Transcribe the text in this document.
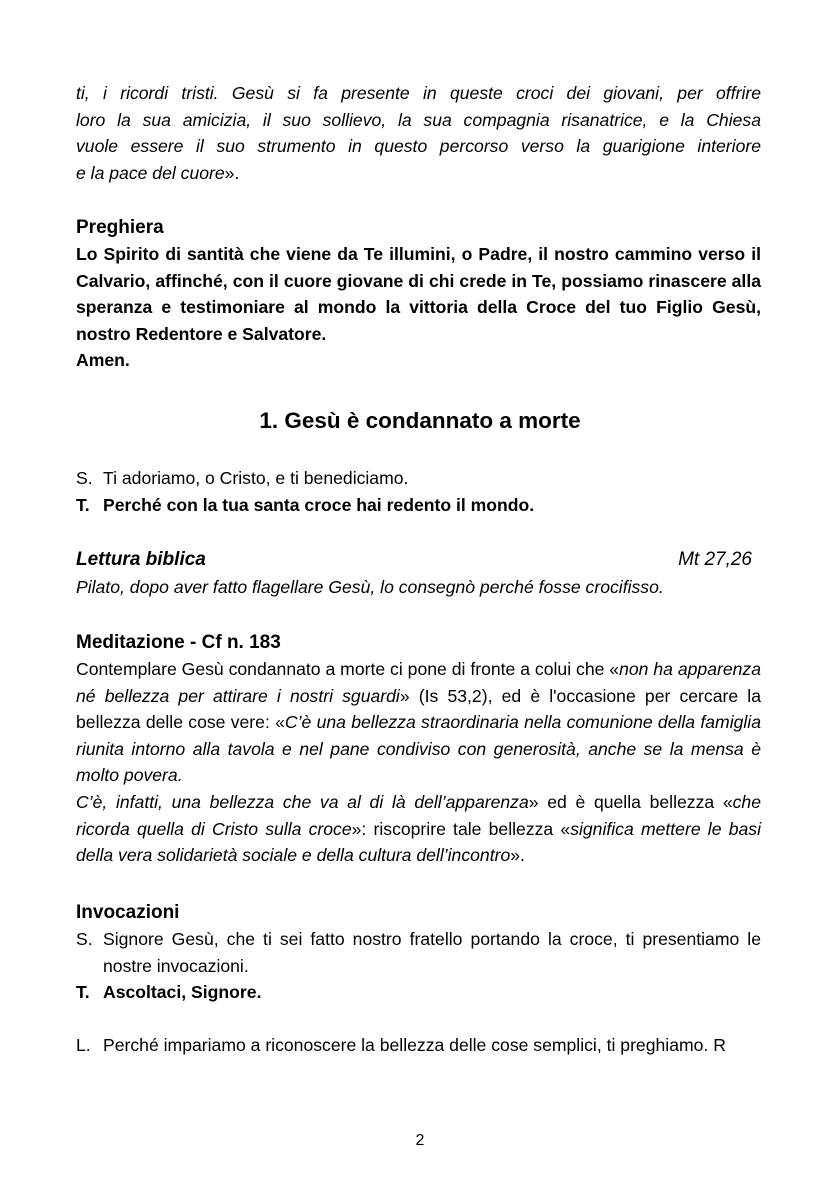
ti, i ricordi tristi. Gesù si fa presente in queste croci dei giovani, per offrire

loro la sua amicizia, il suo sollievo, la sua compagnia risanatrice, e la Chiesa

vuole essere il suo strumento in questo percorso verso la guarigione interiore

e la pace del cuore».

Preghiera

Lo Spirito di santità che viene da Te illumini, o Padre, il nostro cammino verso il Calvario, affinché, con il cuore giovane di chi crede in Te, possiamo rinascere alla speranza e testimoniare al mondo la vittoria della Croce del tuo Figlio Gesù, nostro Redentore e Salvatore.

Amen.

1. Gesù è condannato a morte
S. Ti adoriamo, o Cristo, e ti benediciamo.
T. Perché con la tua santa croce hai redento il mondo.
Lettura biblica	Mt 27,26

Pilato, dopo aver fatto flagellare Gesù, lo consegnò perché fosse crocifisso.

Meditazione - Cf n. 183

Contemplare Gesù condannato a morte ci pone di fronte a colui che «non ha apparenza né bellezza per attirare i nostri sguardi» (Is 53,2), ed è l'occasione per cercare la bellezza delle cose vere: «C’è una bellezza straordinaria nella comunione della famiglia riunita intorno alla tavola e nel pane condiviso con generosità, anche se la mensa è molto povera.

C’è, infatti, una bellezza che va al di là dell’apparenza» ed è quella bellezza «che ricorda quella di Cristo sulla croce»: riscoprire tale bellezza «significa mettere le basi della vera solidarietà sociale e della cultura dell’incontro».

Invocazioni

S. Signore Gesù, che ti sei fatto nostro fratello portando la croce, ti presentiamo le nostre invocazioni.
T. Ascoltaci, Signore.
L. Perché impariamo a riconoscere la bellezza delle cose semplici, ti preghiamo. R
2
